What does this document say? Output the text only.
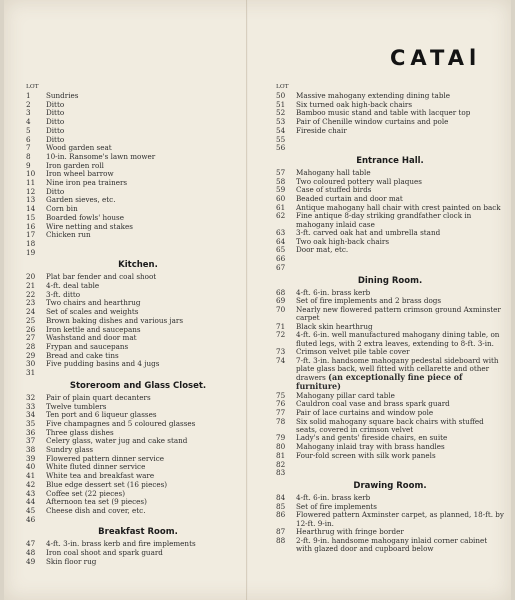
CATAl
LOT
1	Sundries
2	Ditto
3	Ditto
4	Ditto
5	Ditto
6	Ditto
7	Wood garden seat
8	10-in. Ransome's lawn mower
9	Iron garden roll
10	Iron wheel barrow
11	Nine iron pea trainers
12	Ditto
13	Garden sieves, etc.
14	Corn bin
15	Boarded fowls' house
16	Wire netting and stakes
17	Chicken run
18
19
Kitchen.
20	Plat bar fender and coal shoot
21	4-ft. deal table
22	3-ft. ditto
23	Two chairs and hearthrug
24	Set of scales and weights
25	Brown baking dishes and various jars
26	Iron kettle and saucepans
27	Washstand and door mat
28	Frypan and saucepans
29	Bread and cake tins
30	Five pudding basins and 4 jugs
31
Storeroom and Glass Closet.
32	Pair of plain quart decanters
33	Twelve tumblers
34	Ten port and 6 liqueur glasses
35	Five champagnes and 5 coloured glasses
36	Three glass dishes
37	Celery glass, water jug and cake stand
38	Sundry glass
39	Flowered pattern dinner service
40	White fluted dinner service
41	White tea and breakfast ware
42	Blue edge dessert set (16 pieces)
43	Coffee set (22 pieces)
44	Afternoon tea set (9 pieces)
45	Cheese dish and cover, etc.
46
Breakfast Room.
47	4-ft. 3-in. brass kerb and fire implements
48	Iron coal shoot and spark guard
49	Skin floor rug
LOT
50	Massive mahogany extending dining table
51	Six turned oak high-back chairs
52	Bamboo music stand and table with lacquer top
53	Pair of Chenille window curtains and pole
54	Fireside chair
55
56
Entrance Hall.
57	Mahogany hall table
58	Two coloured pottery wall plaques
59	Case of stuffed birds
60	Beaded curtain and door mat
61	Antique mahogany hall chair with crest painted on back
62	Fine antique 8-day striking grandfather clock in mahogany inlaid case
63	3-ft. carved oak hat and umbrella stand
64	Two oak high-back chairs
65	Door mat, etc.
66
67
Dining Room.
68	4-ft. 6-in. brass kerb
69	Set of fire implements and 2 brass dogs
70	Nearly new flowered pattern crimson ground Axminster carpet
71	Black skin hearthrug
72	4-ft. 6-in. well manufactured mahogany dining table, on fluted legs, with 2 extra leaves, extending to 8-ft. 3-in.
73	Crimson velvet pile table cover
74	7-ft. 3-in. handsome mahogany pedestal sideboard with plate glass back, well fitted with cellarette and other drawers (an exceptionally fine piece of furniture)
75	Mahogany pillar card table
76	Cauldron coal vase and brass spark guard
77	Pair of lace curtains and window pole
78	Six solid mahogany square back chairs with stuffed seats, covered in crimson velvet
79	Lady's and gents' fireside chairs, en suite
80	Mahogany inlaid tray with brass handles
81	Four-fold screen with silk work panels
82
83
Drawing Room.
84	4-ft. 6-in. brass kerb
85	Set of fire implements
86	Flowered pattern Axminster carpet, as planned, 18-ft. by 12-ft. 9-in.
87	Hearthrug with fringe border
88	2-ft. 9-in. handsome mahogany inlaid corner cabinet with glazed door and cupboard below
